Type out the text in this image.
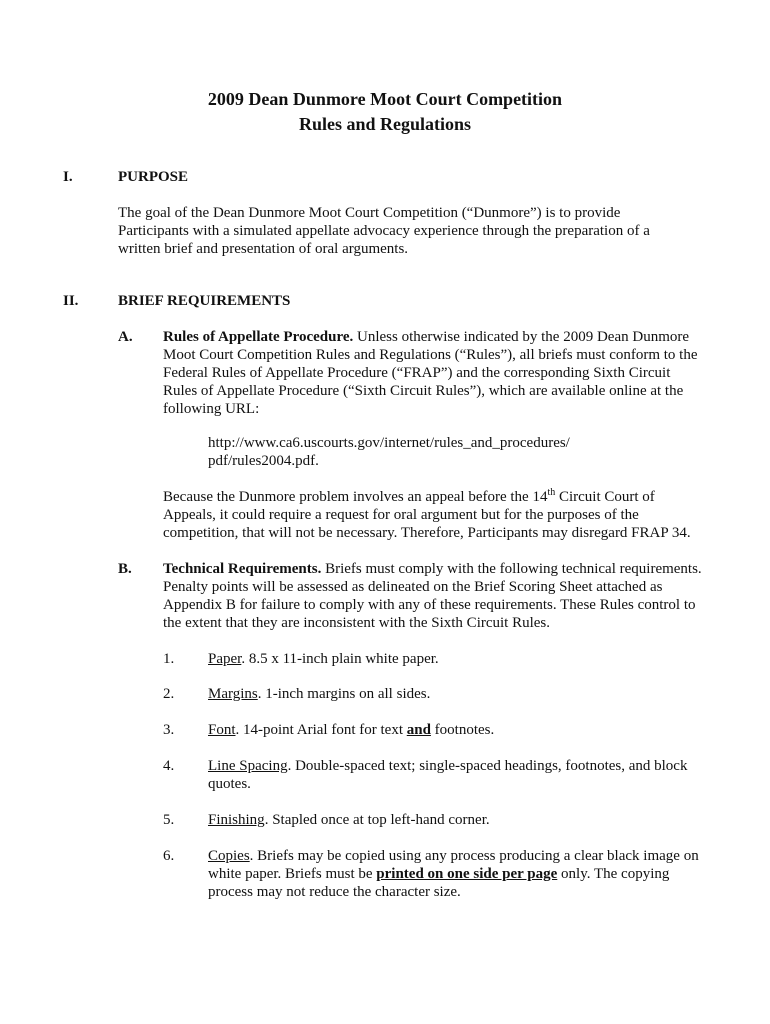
2009 Dean Dunmore Moot Court Competition
Rules and Regulations
I.	PURPOSE
The goal of the Dean Dunmore Moot Court Competition (“Dunmore”) is to provide Participants with a simulated appellate advocacy experience through the preparation of a written brief and presentation of oral arguments.
II.	BRIEF REQUIREMENTS
A. Rules of Appellate Procedure. Unless otherwise indicated by the 2009 Dean Dunmore Moot Court Competition Rules and Regulations (“Rules”), all briefs must conform to the Federal Rules of Appellate Procedure (“FRAP”) and the corresponding Sixth Circuit Rules of Appellate Procedure (“Sixth Circuit Rules”), which are available online at the following URL:
http://www.ca6.uscourts.gov/internet/rules_and_procedures/
pdf/rules2004.pdf.
Because the Dunmore problem involves an appeal before the 14th Circuit Court of Appeals, it could require a request for oral argument but for the purposes of the competition, that will not be necessary. Therefore, Participants may disregard FRAP 34.
B. Technical Requirements. Briefs must comply with the following technical requirements. Penalty points will be assessed as delineated on the Brief Scoring Sheet attached as Appendix B for failure to comply with any of these requirements. These Rules control to the extent that they are inconsistent with the Sixth Circuit Rules.
1. Paper. 8.5 x 11-inch plain white paper.
2. Margins. 1-inch margins on all sides.
3. Font. 14-point Arial font for text and footnotes.
4. Line Spacing. Double-spaced text; single-spaced headings, footnotes, and block quotes.
5. Finishing. Stapled once at top left-hand corner.
6. Copies. Briefs may be copied using any process producing a clear black image on white paper. Briefs must be printed on one side per page only. The copying process may not reduce the character size.
